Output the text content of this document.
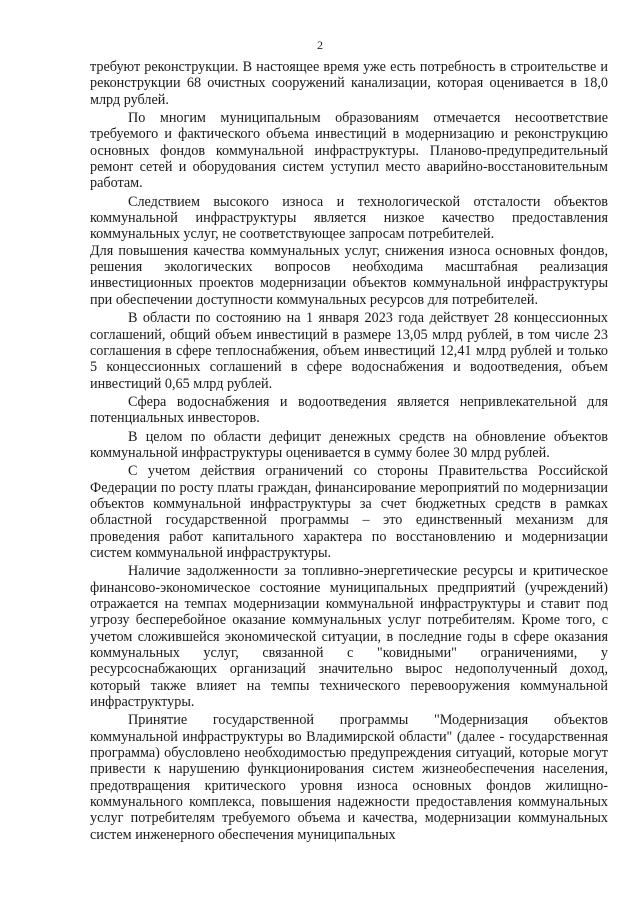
2

требуют реконструкции. В настоящее время уже есть потребность в строительстве и реконструкции 68 очистных сооружений канализации, которая оценивается в 18,0 млрд рублей.

По многим муниципальным образованиям отмечается несоответствие требуемого и фактического объема инвестиций в модернизацию и реконструкцию основных фондов коммунальной инфраструктуры. Планово-предупредительный ремонт сетей и оборудования систем уступил место аварийно-восстановительным работам.

Следствием высокого износа и технологической отсталости объектов коммунальной инфраструктуры является низкое качество предоставления коммунальных услуг, не соответствующее запросам потребителей.

Для повышения качества коммунальных услуг, снижения износа основных фондов, решения экологических вопросов необходима масштабная реализация инвестиционных проектов модернизации объектов коммунальной инфраструктуры при обеспечении доступности коммунальных ресурсов для потребителей.

В области по состоянию на 1 января 2023 года действует 28 концессионных соглашений, общий объем инвестиций в размере 13,05 млрд рублей, в том числе 23 соглашения в сфере теплоснабжения, объем инвестиций 12,41 млрд рублей и только 5 концессионных соглашений в сфере водоснабжения и водоотведения, объем инвестиций 0,65 млрд рублей.

Сфера водоснабжения и водоотведения является непривлекательной для потенциальных инвесторов.

В целом по области дефицит денежных средств на обновление объектов коммунальной инфраструктуры оценивается в сумму более 30 млрд рублей.

С учетом действия ограничений со стороны Правительства Российской Федерации по росту платы граждан, финансирование мероприятий по модернизации объектов коммунальной инфраструктуры за счет бюджетных средств в рамках областной государственной программы – это единственный механизм для проведения работ капитального характера по восстановлению и модернизации систем коммунальной инфраструктуры.

Наличие задолженности за топливно-энергетические ресурсы и критическое финансово-экономическое состояние муниципальных предприятий (учреждений) отражается на темпах модернизации коммунальной инфраструктуры и ставит под угрозу бесперебойное оказание коммунальных услуг потребителям. Кроме того, с учетом сложившейся экономической ситуации, в последние годы в сфере оказания коммунальных услуг, связанной с "ковидными" ограничениями, у ресурсоснабжающих организаций значительно вырос недополученный доход, который также влияет на темпы технического перевооружения коммунальной инфраструктуры.

Принятие государственной программы "Модернизация объектов коммунальной инфраструктуры во Владимирской области" (далее - государственная программа) обусловлено необходимостью предупреждения ситуаций, которые могут привести к нарушению функционирования систем жизнеобеспечения населения, предотвращения критического уровня износа основных фондов жилищно-коммунального комплекса, повышения надежности предоставления коммунальных услуг потребителям требуемого объема и качества, модернизации коммунальных систем инженерного обеспечения муниципальных
